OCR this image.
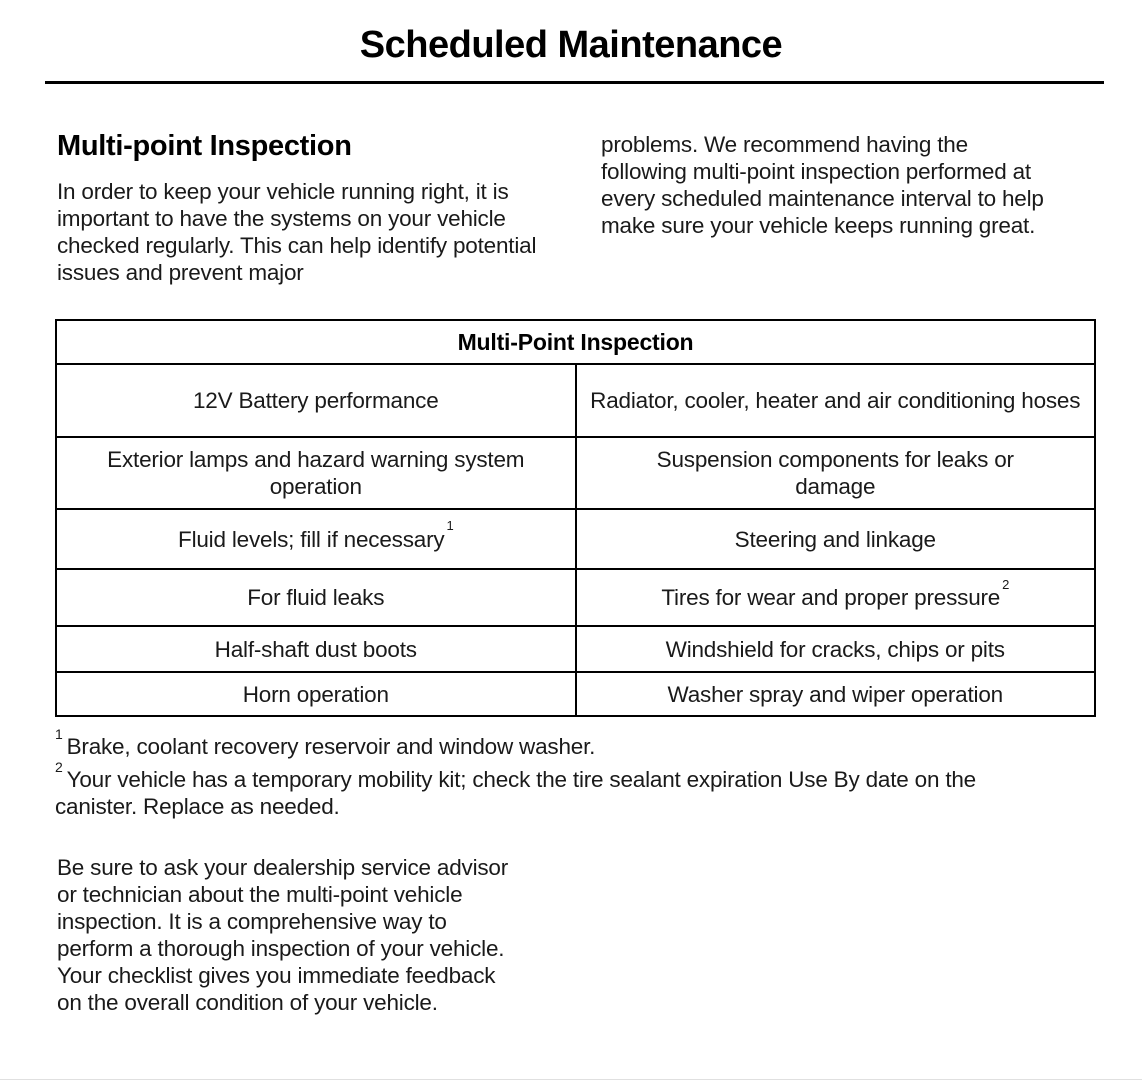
Scheduled Maintenance
Multi-point Inspection

In order to keep your vehicle running right, it is important to have the systems on your vehicle checked regularly. This can help identify potential issues and prevent major

problems. We recommend having the following multi-point inspection performed at every scheduled maintenance interval to help make sure your vehicle keeps running great.

Multi-Point Inspection	
12V Battery performance	Radiator, cooler, heater and air conditioning hoses
Exterior lamps and hazard warning system operation	Suspension components for leaks or damage
Fluid levels; fill if necessary$^1$	Steering and linkage
For fluid leaks	Tires for wear and proper pressure$^2$
Half-shaft dust boots	Windshield for cracks, chips or pits
Horn operation	Washer spray and wiper operation

$^1$Brake, coolant recovery reservoir and window washer.

$^2$Your vehicle has a temporary mobility kit; check the tire sealant expiration Use By date on the canister. Replace as needed.

Be sure to ask your dealership service advisor or technician about the multi-point vehicle inspection. It is a comprehensive way to perform a thorough inspection of your vehicle. Your checklist gives you immediate feedback on the overall condition of your vehicle.
